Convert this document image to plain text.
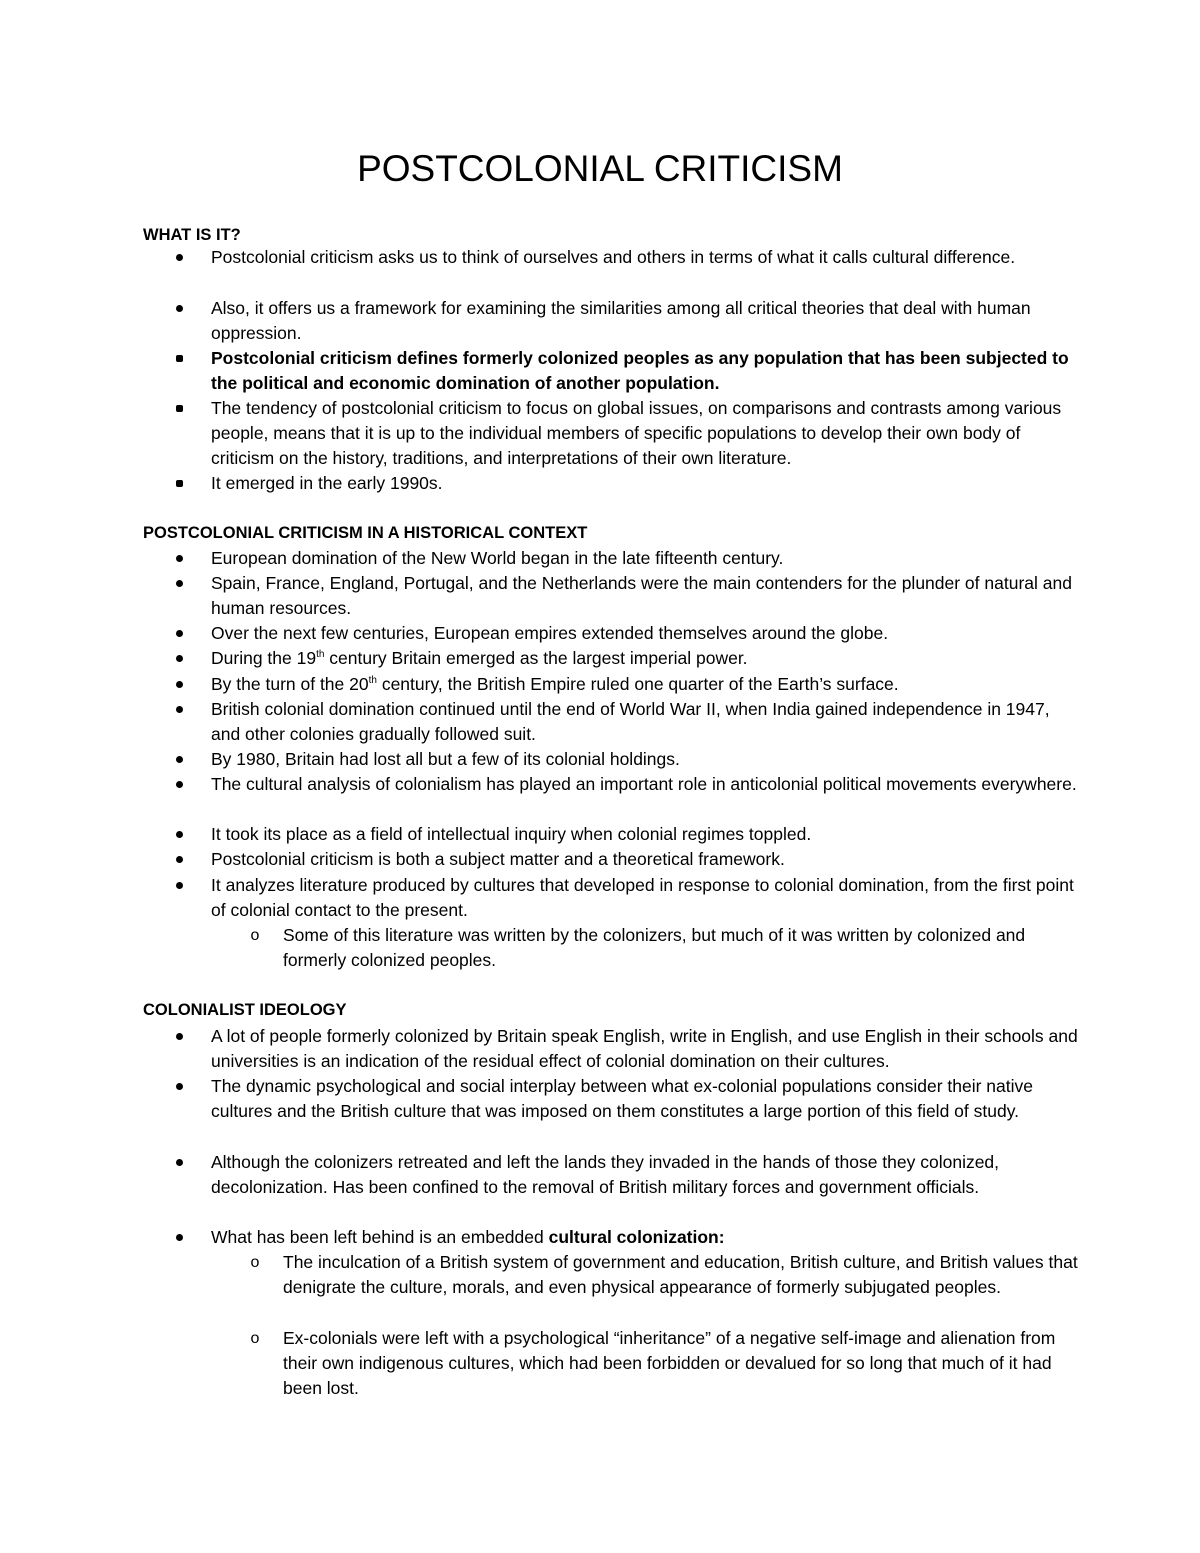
POSTCOLONIAL CRITICISM

WHAT IS IT?

Postcolonial criticism asks us to think of ourselves and others in terms of what it calls cultural difference.

Also, it offers us a framework for examining the similarities among all critical theories that deal with human oppression.

Postcolonial criticism defines formerly colonized peoples as any population that has been subjected to the political and economic domination of another population.

The tendency of postcolonial criticism to focus on global issues, on comparisons and contrasts among various people, means that it is up to the individual members of specific populations to develop their own body of criticism on the history, traditions, and interpretations of their own literature.

It emerged in the early 1990s.

POSTCOLONIAL CRITICISM IN A HISTORICAL CONTEXT

European domination of the New World began in the late fifteenth century.

Spain, France, England, Portugal, and the Netherlands were the main contenders for the plunder of natural and human resources.

Over the next few centuries, European empires extended themselves around the globe.

During the 19th century Britain emerged as the largest imperial power.

By the turn of the 20th century, the British Empire ruled one quarter of the Earth’s surface.

British colonial domination continued until the end of World War II, when India gained independence in 1947, and other colonies gradually followed suit.

By 1980, Britain had lost all but a few of its colonial holdings.

The cultural analysis of colonialism has played an important role in anticolonial political movements everywhere.

It took its place as a field of intellectual inquiry when colonial regimes toppled.

Postcolonial criticism is both a subject matter and a theoretical framework.

It analyzes literature produced by cultures that developed in response to colonial domination, from the first point of colonial contact to the present.

o Some of this literature was written by the colonizers, but much of it was written by colonized and formerly colonized peoples.

COLONIALIST IDEOLOGY

A lot of people formerly colonized by Britain speak English, write in English, and use English in their schools and universities is an indication of the residual effect of colonial domination on their cultures.

The dynamic psychological and social interplay between what ex-colonial populations consider their native cultures and the British culture that was imposed on them constitutes a large portion of this field of study.

Although the colonizers retreated and left the lands they invaded in the hands of those they colonized, decolonization. Has been confined to the removal of British military forces and government officials.

What has been left behind is an embedded cultural colonization:

o The inculcation of a British system of government and education, British culture, and British values that denigrate the culture, morals, and even physical appearance of formerly subjugated peoples.

o Ex-colonials were left with a psychological “inheritance” of a negative self-image and alienation from their own indigenous cultures, which had been forbidden or devalued for so long that much of it had been lost.
